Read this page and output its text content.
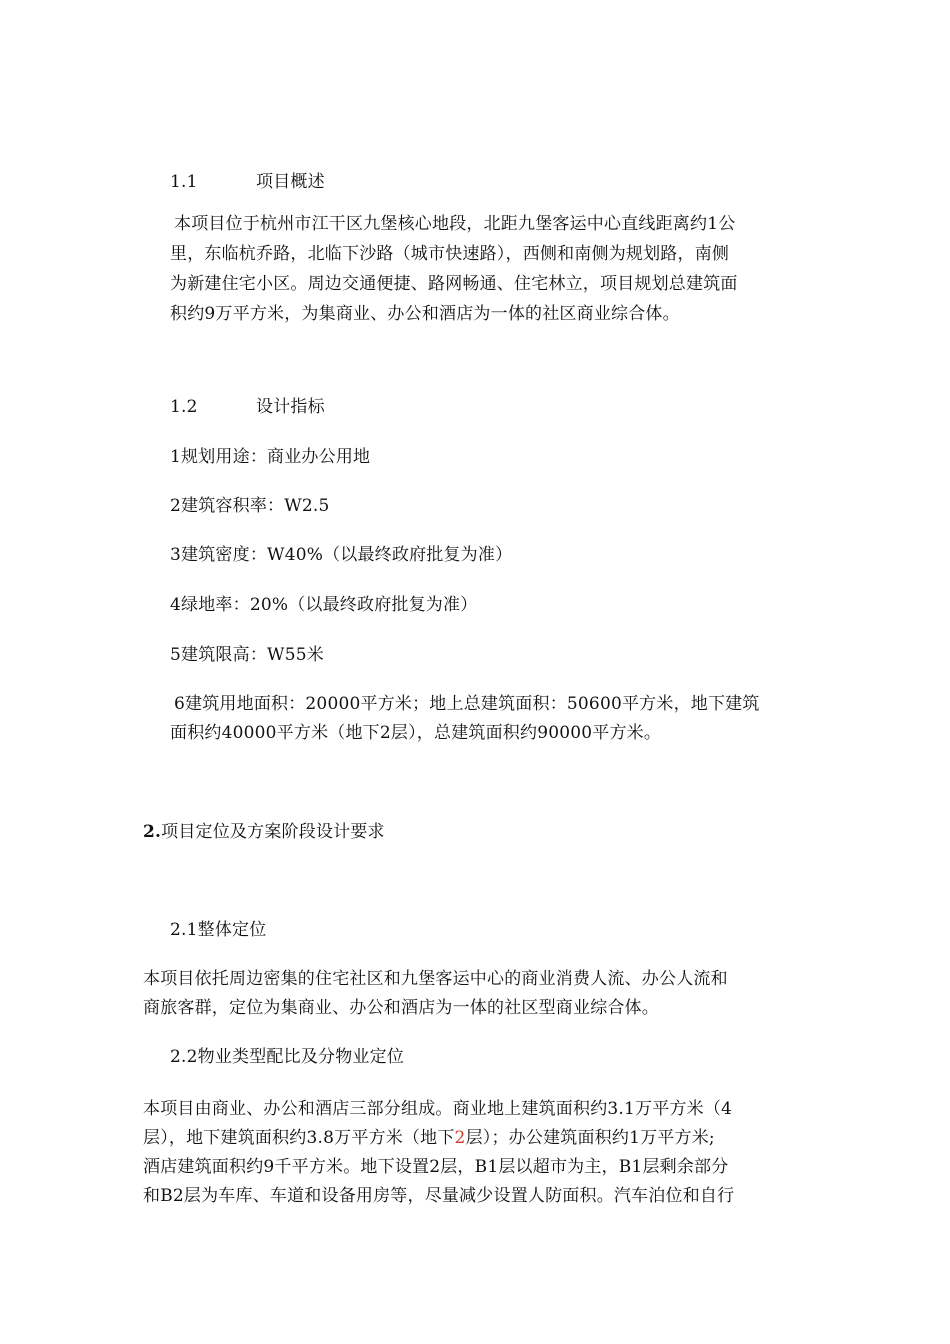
1.1	项目概述
本项目位于杭州市江干区九堡核心地段，北距九堡客运中心直线距离约1公
里，东临杭乔路，北临下沙路（城市快速路），西侧和南侧为规划路，南侧
为新建住宅小区。周边交通便捷、路网畅通、住宅林立，项目规划总建筑面
积约9万平方米，为集商业、办公和酒店为一体的社区商业综合体。
1.2	设计指标
1规划用途：商业办公用地
2建筑容积率：W2.5
3建筑密度：W40%（以最终政府批复为准）
4绿地率：20%（以最终政府批复为准）
5建筑限高：W55米
6建筑用地面积：20000平方米；地上总建筑面积：50600平方米，地下建筑
面积约40000平方米（地下2层），总建筑面积约90000平方米。
2.项目定位及方案阶段设计要求
2.1整体定位
本项目依托周边密集的住宅社区和九堡客运中心的商业消费人流、办公人流和
商旅客群，定位为集商业、办公和酒店为一体的社区型商业综合体。
2.2物业类型配比及分物业定位
本项目由商业、办公和酒店三部分组成。商业地上建筑面积约3.1万平方米（4
层），地下建筑面积约3.8万平方米（地下2层）；办公建筑面积约1万平方米;
酒店建筑面积约9千平方米。地下设置2层，B1层以超市为主，B1层剩余部分
和B2层为车库、车道和设备用房等，尽量减少设置人防面积。汽车泊位和自行
